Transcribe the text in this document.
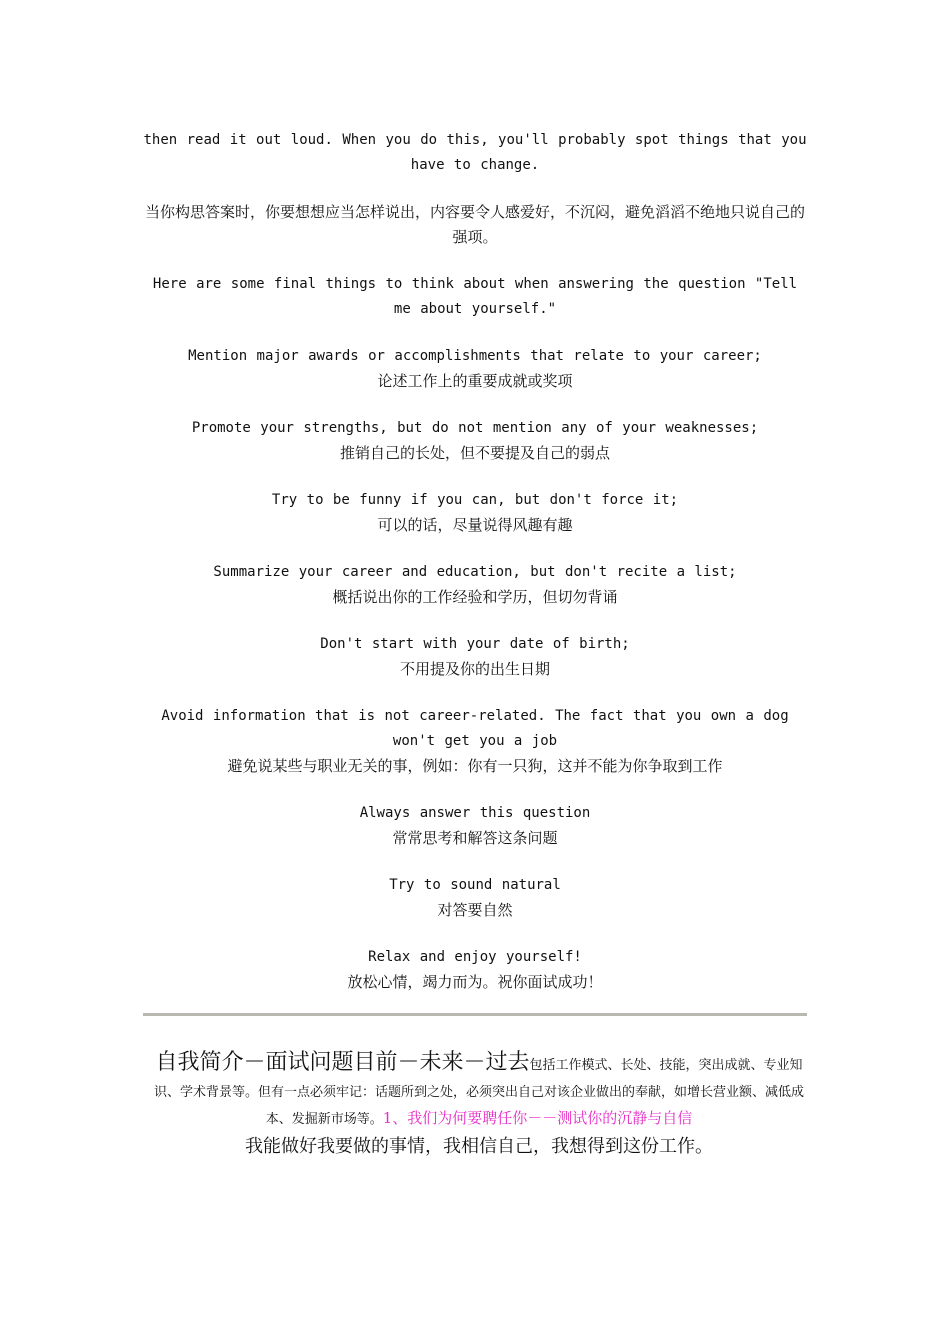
then read it out loud. When you do this, you'll probably spot things that you have to change.

当你构思答案时，你要想想应当怎样说出，内容要令人感爱好，不沉闷，避免滔滔不绝地只说自己的强项。

Here are some final things to think about when answering the question "Tell me about yourself."

Mention major awards or accomplishments that relate to your career;

论述工作上的重要成就或奖项

Promote your strengths, but do not mention any of your weaknesses;

推销自己的长处，但不要提及自己的弱点

Try to be funny if you can, but don't force it;

可以的话，尽量说得风趣有趣

Summarize your career and education, but don't recite a list;

概括说出你的工作经验和学历，但切勿背诵

Don't start with your date of birth;

不用提及你的出生日期

Avoid information that is not career-related. The fact that you own a dog won't get you a job

避免说某些与职业无关的事，例如：你有一只狗，这并不能为你争取到工作

Always answer this question

常常思考和解答这条问题

Try to sound natural

对答要自然

Relax and enjoy yourself!

放松心情，竭力而为。祝你面试成功！

自我简介－面试问题目前－未来－过去包括工作模式、长处、技能，突出成就、专业知识、学术背景等。但有一点必须牢记：话题所到之处，必须突出自己对该企业做出的奉献，如增长营业额、减低成本、发掘新市场等。1、我们为何要聘任你－－测试你的沉静与自信

我能做好我要做的事情，我相信自己，我想得到这份工作。
